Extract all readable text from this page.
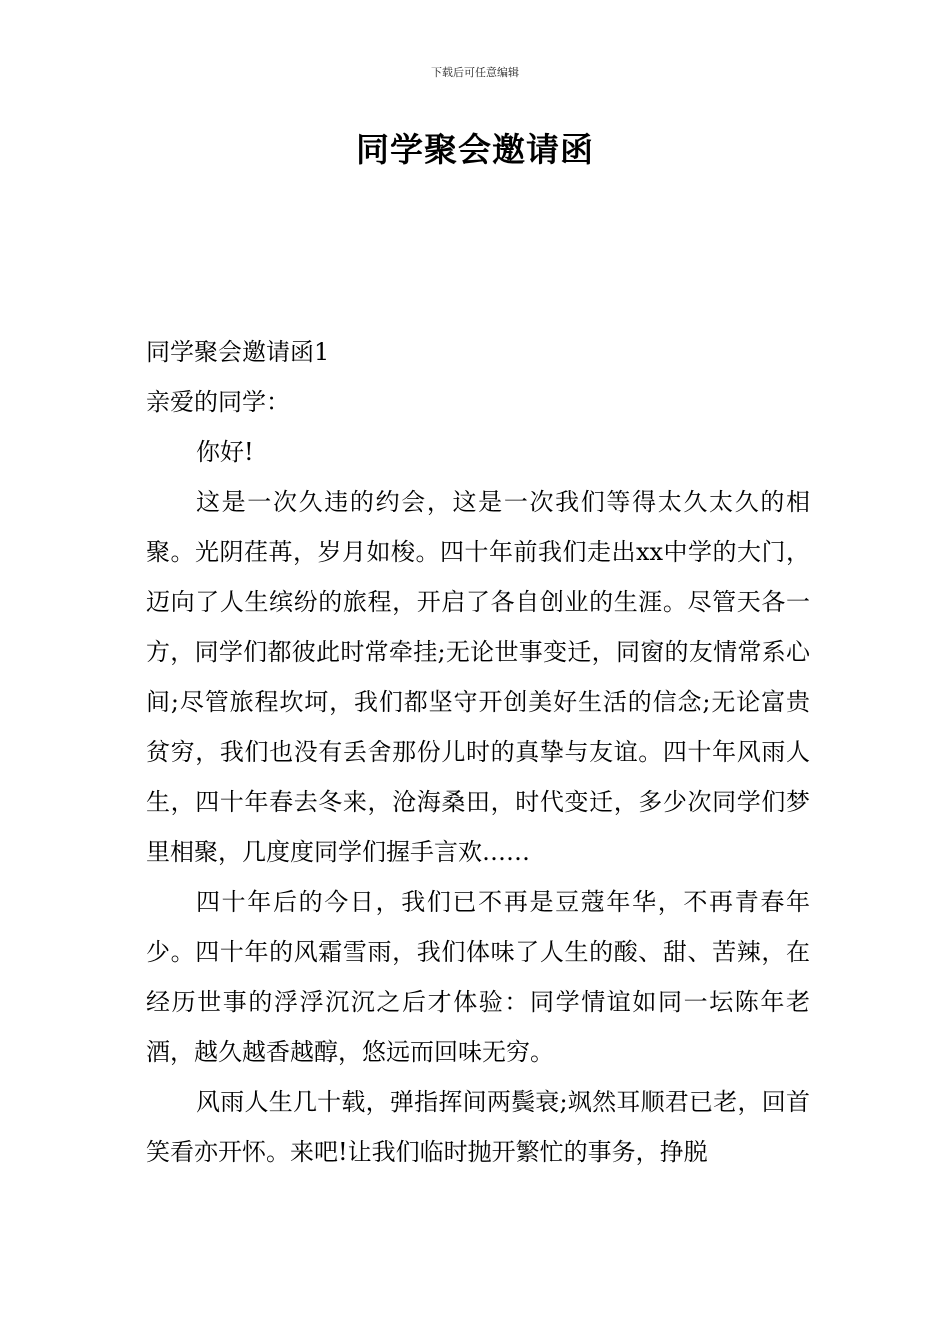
下载后可任意编辑
同学聚会邀请函

同学聚会邀请函1

亲爱的同学：

你好!

这是一次久违的约会，这是一次我们等得太久太久的相聚。光阴荏苒，岁月如梭。四十年前我们走出xx中学的大门，迈向了人生缤纷的旅程，开启了各自创业的生涯。尽管天各一方，同学们都彼此时常牵挂;无论世事变迁，同窗的友情常系心间;尽管旅程坎坷，我们都坚守开创美好生活的信念;无论富贵贫穷，我们也没有丢舍那份儿时的真挚与友谊。四十年风雨人生，四十年春去冬来，沧海桑田，时代变迁，多少次同学们梦里相聚，几度度同学们握手言欢……

四十年后的今日，我们已不再是豆蔻年华，不再青春年少。四十年的风霜雪雨，我们体味了人生的酸、甜、苦辣，在经历世事的浮浮沉沉之后才体验：同学情谊如同一坛陈年老酒，越久越香越醇，悠远而回味无穷。

风雨人生几十载，弹指挥间两鬓衰;飒然耳顺君已老，回首笑看亦开怀。来吧!让我们临时抛开繁忙的事务，挣脱
